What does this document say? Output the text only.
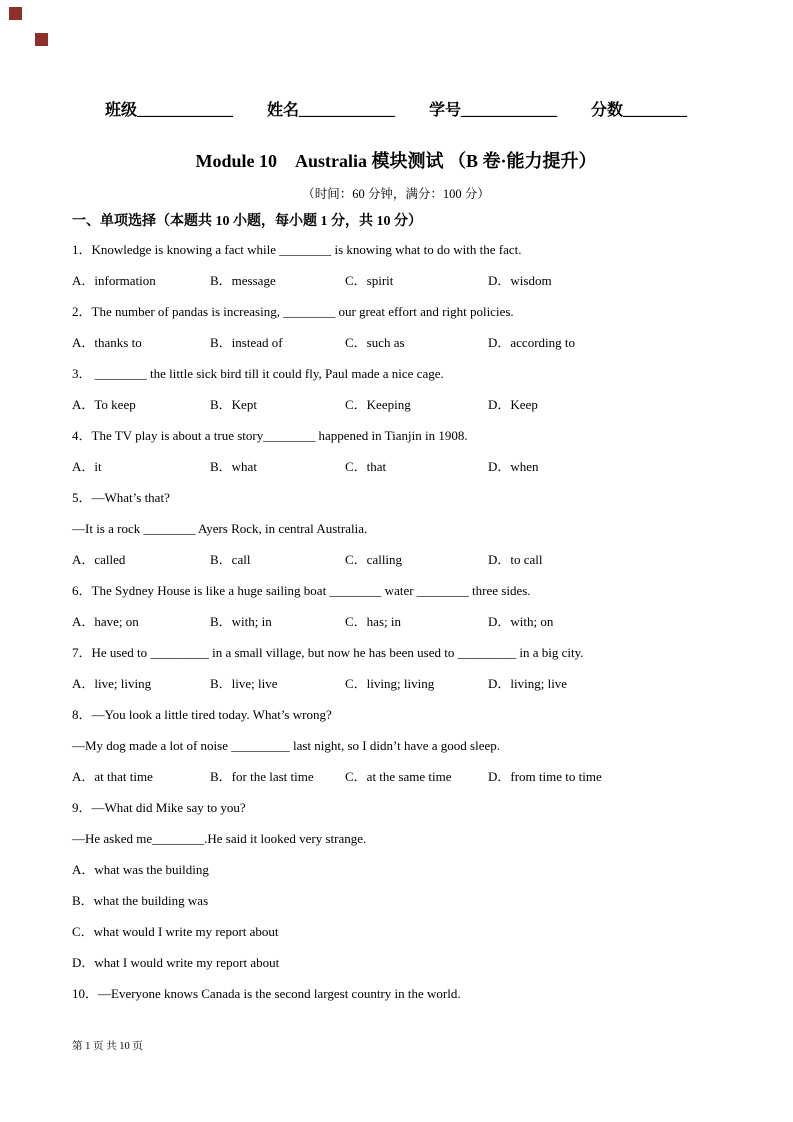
班级____________ 姓名____________ 学号____________ 分数________
Module 10　Australia 模块测试 （B 卷·能力提升）
（时间：60 分钟，满分：100 分）
一、单项选择（本题共 10 小题，每小题 1 分，共 10 分）
1．Knowledge is knowing a fact while ________ is knowing what to do with the fact.
A．information	B．message	C．spirit	D．wisdom
2．The number of pandas is increasing, ________ our great effort and right policies.
A．thanks to	B．instead of	C．such as	D．according to
3． ________ the little sick bird till it could fly, Paul made a nice cage.
A．To keep	B．Kept	C．Keeping	D．Keep
4．The TV play is about a true story________ happened in Tianjin in 1908.
A．it	B．what	C．that	D．when
5．—What’s that?
—It is a rock ________ Ayers Rock, in central Australia.
A．called	B．call	C．calling	D．to call
6．The Sydney House is like a huge sailing boat ________ water ________ three sides.
A．have; on	B．with; in	C．has; in	D．with; on
7．He used to _________ in a small village, but now he has been used to _________ in a big city.
A．live; living	B．live; live	C．living; living	D．living; live
8．—You look a little tired today. What’s wrong?
—My dog made a lot of noise _________ last night, so I didn’t have a good sleep.
A．at that time	B．for the last time	C．at the same time	D．from time to time
9．—What did Mike say to you?
—He asked me________.He said it looked very strange.
A．what was the building
B．what the building was
C．what would I write my report about
D．what I would write my report about
10．—Everyone knows Canada is the second largest country in the world.
第 1 页 共 10 页
